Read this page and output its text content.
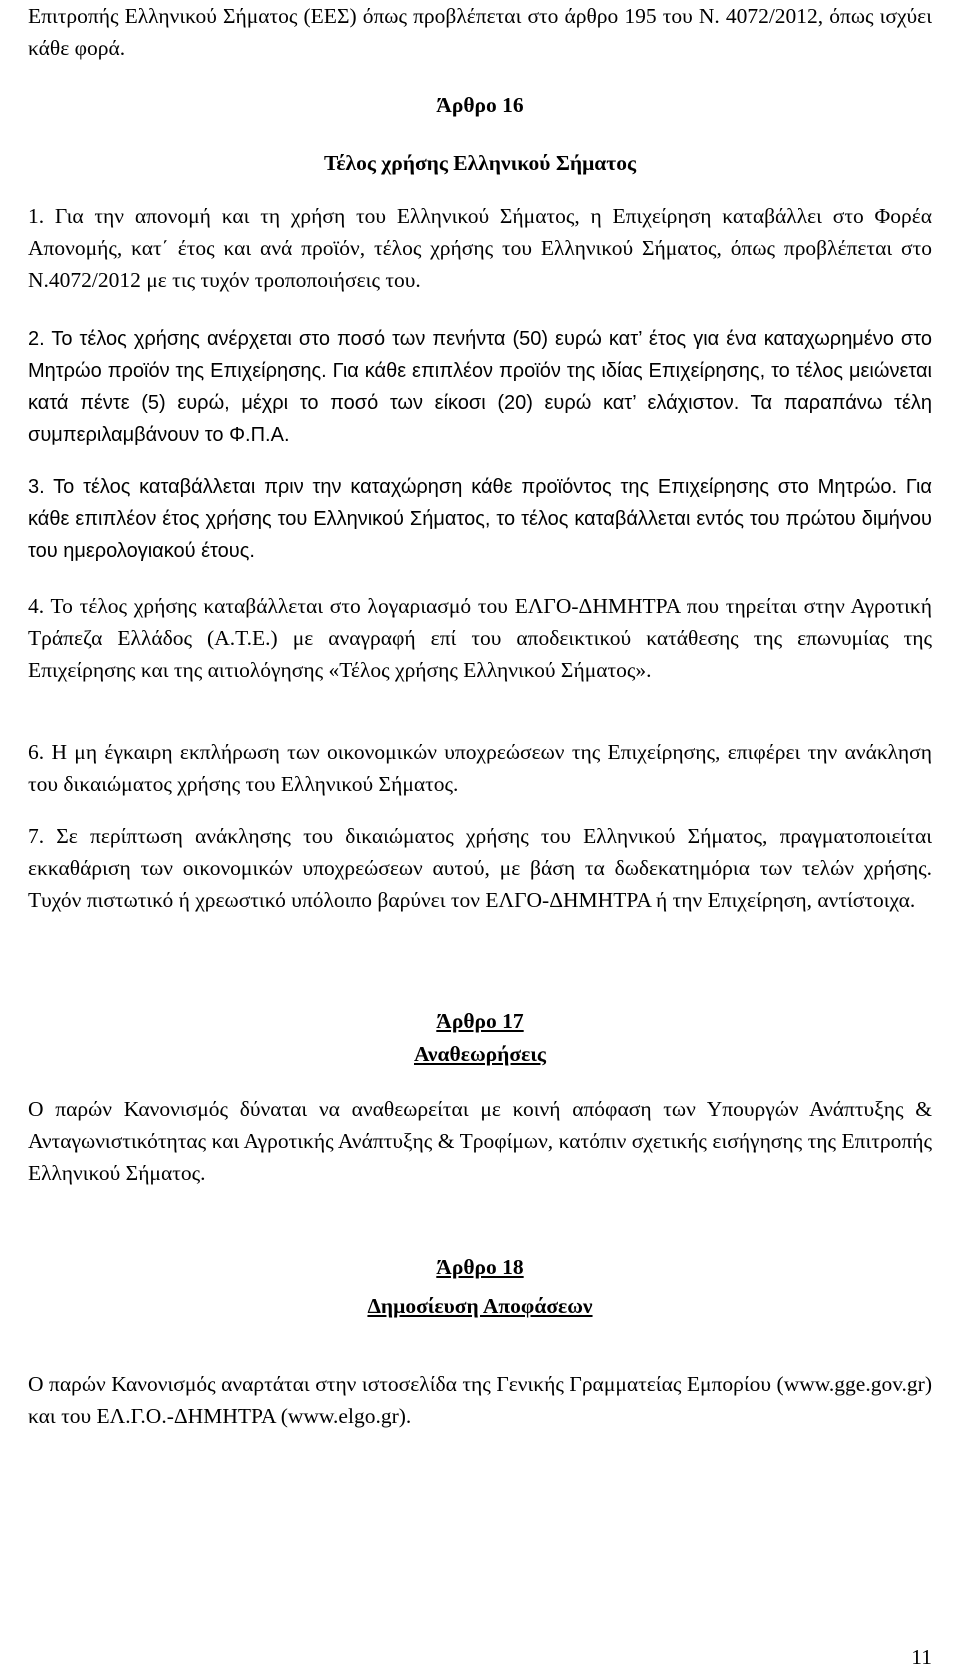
Επιτροπής Ελληνικού Σήματος (ΕΕΣ) όπως προβλέπεται στο άρθρο 195 του Ν. 4072/2012, όπως ισχύει κάθε φορά.

Άρθρο 16
Τέλος χρήσης Ελληνικού Σήματος

1. Για την απονομή και τη χρήση του Ελληνικού Σήματος, η Επιχείρηση καταβάλλει στο Φορέα Απονομής, κατ΄ έτος και ανά προϊόν, τέλος χρήσης του Ελληνικού Σήματος, όπως προβλέπεται στο Ν.4072/2012 με τις τυχόν τροποποιήσεις του.

2. Το τέλος χρήσης ανέρχεται στο ποσό των πενήντα (50) ευρώ κατ’ έτος για ένα καταχωρημένο στο Μητρώο προϊόν της Επιχείρησης. Για κάθε επιπλέον προϊόν της ιδίας Επιχείρησης, το τέλος μειώνεται κατά πέντε (5) ευρώ, μέχρι το ποσό των είκοσι (20) ευρώ κατ’ ελάχιστον. Τα παραπάνω τέλη συμπεριλαμβάνουν το Φ.Π.Α.

3. Το τέλος καταβάλλεται πριν την καταχώρηση κάθε προϊόντος της Επιχείρησης στο Μητρώο. Για κάθε επιπλέον έτος χρήσης του Ελληνικού Σήματος, το τέλος καταβάλλεται εντός του πρώτου διμήνου του ημερολογιακού έτους.

4. Το τέλος χρήσης καταβάλλεται στο λογαριασμό του ΕΛΓΟ-ΔΗΜΗΤΡΑ που τηρείται στην Αγροτική Τράπεζα Ελλάδος (Α.Τ.Ε.) με αναγραφή επί του αποδεικτικού κατάθεσης της επωνυμίας της Επιχείρησης και της αιτιολόγησης «Τέλος χρήσης Ελληνικού Σήματος».

6. Η μη έγκαιρη εκπλήρωση των οικονομικών υποχρεώσεων της Επιχείρησης, επιφέρει την ανάκληση του δικαιώματος χρήσης του Ελληνικού Σήματος.

7. Σε περίπτωση ανάκλησης του δικαιώματος χρήσης του Ελληνικού Σήματος, πραγματοποιείται εκκαθάριση των οικονομικών υποχρεώσεων αυτού, με βάση τα δωδεκατημόρια των τελών χρήσης. Τυχόν πιστωτικό ή χρεωστικό υπόλοιπο βαρύνει τον ΕΛΓΟ-ΔΗΜΗΤΡΑ ή την Επιχείρηση, αντίστοιχα.

Άρθρο 17
Αναθεωρήσεις

Ο παρών Κανονισμός δύναται να αναθεωρείται με κοινή απόφαση των Υπουργών Ανάπτυξης & Ανταγωνιστικότητας και Αγροτικής Ανάπτυξης & Τροφίμων, κατόπιν σχετικής εισήγησης της Επιτροπής Ελληνικού Σήματος.

Άρθρο 18
Δημοσίευση Αποφάσεων

Ο παρών Κανονισμός αναρτάται στην ιστοσελίδα της Γενικής Γραμματείας Εμπορίου (www.gge.gov.gr) και του ΕΛ.Γ.Ο.-ΔΗΜΗΤΡΑ (www.elgo.gr).

11
